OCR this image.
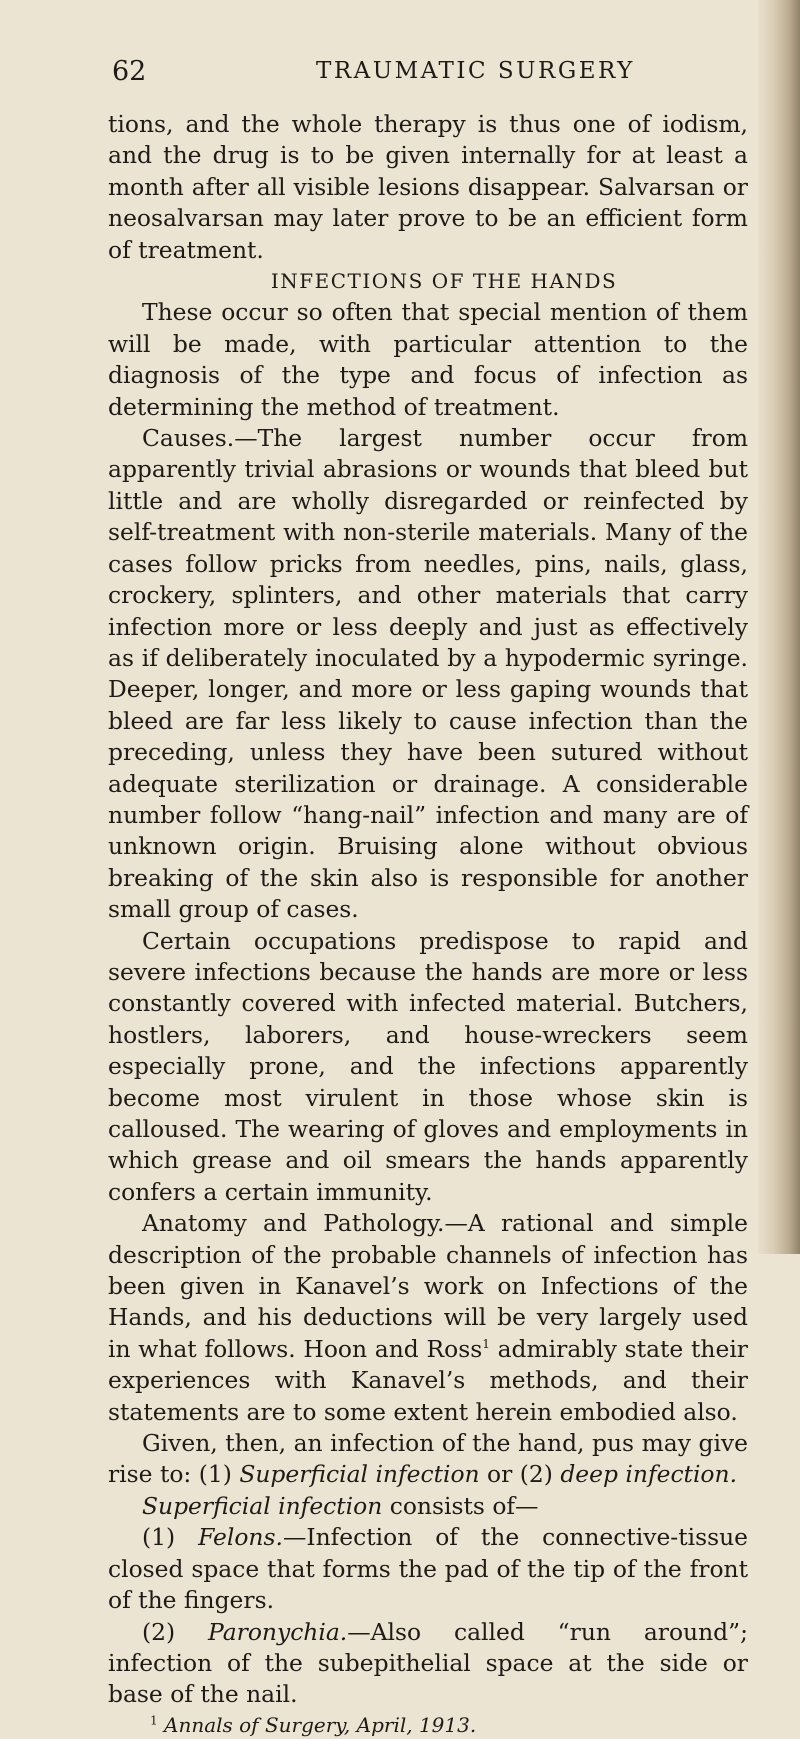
62	TRAUMATIC SURGERY

tions, and the whole therapy is thus one of iodism, and the drug is to be given internally for at least a month after all visible lesions disappear. Salvarsan or neosalvarsan may later prove to be an efficient form of treatment.

INFECTIONS OF THE HANDS

These occur so often that special mention of them will be made, with particular attention to the diagnosis of the type and focus of infection as determining the method of treatment.

Causes.—The largest number occur from apparently trivial abrasions or wounds that bleed but little and are wholly disregarded or reinfected by self-treatment with non-sterile materials. Many of the cases follow pricks from needles, pins, nails, glass, crockery, splinters, and other materials that carry infection more or less deeply and just as effectively as if deliberately inoculated by a hypodermic syringe. Deeper, longer, and more or less gaping wounds that bleed are far less likely to cause infection than the preceding, unless they have been sutured without adequate sterilization or drainage. A considerable number follow “hang-nail” infection and many are of unknown origin. Bruising alone without obvious breaking of the skin also is responsible for another small group of cases.

Certain occupations predispose to rapid and severe infections because the hands are more or less constantly covered with infected material. Butchers, hostlers, laborers, and house-wreckers seem especially prone, and the infections apparently become most virulent in those whose skin is calloused. The wearing of gloves and employments in which grease and oil smears the hands apparently confers a certain immunity.

Anatomy and Pathology.—A rational and simple description of the probable channels of infection has been given in Kanavel’s work on Infections of the Hands, and his deductions will be very largely used in what follows. Hoon and Ross$^1$ admirably state their experiences with Kanavel’s methods, and their statements are to some extent herein embodied also.

Given, then, an infection of the hand, pus may give rise to: (1) Superficial infection or (2) deep infection.

Superficial infection consists of—

(1) Felons.—Infection of the connective-tissue closed space that forms the pad of the tip of the front of the fingers.

(2) Paronychia.—Also called “run around”; infection of the subepithelial space at the side or base of the nail.

$^1$ Annals of Surgery, April, 1913.
